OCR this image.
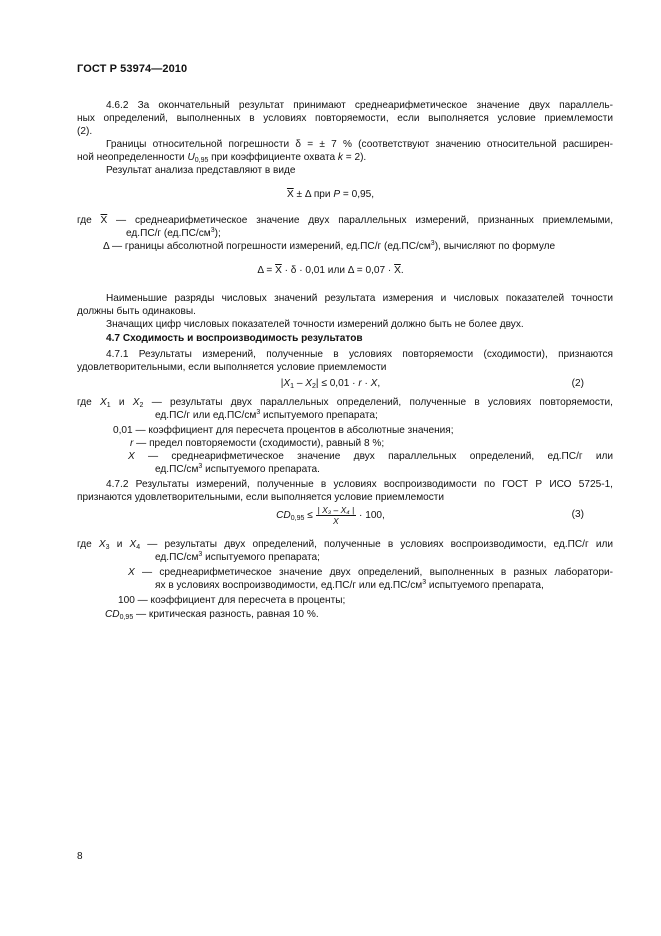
ГОСТ Р 53974—2010
4.6.2 За окончательный результат принимают среднеарифметическое значение двух параллель-
ных определений, выполненных в условиях повторяемости, если выполняется условие приемлемости
(2).
Границы относительной погрешности δ = ± 7 % (соответствуют значению относительной расширен-
ной неопределенности $U_{0,95}$ при коэффициенте охвата k = 2).
Результат анализа представляют в виде
$\overline{X} \pm \Delta$ при P = 0,95,
где $\overline{X}$ — среднеарифметическое значение двух параллельных измерений, признанных приемлемыми,
ед.ПС/г $(ед.ПС/см^3)$;
Δ — границы абсолютной погрешности измерений, ед.ПС/г $(ед.ПС/см^3)$, вычисляют по формуле
$\Delta = \overline{X} \cdot \delta \cdot 0,01$ или $\Delta = 0,07 \cdot \overline{X}$.
Наименьшие разряды числовых значений результата измерения и числовых показателей точности
должны быть одинаковы.
Значащих цифр числовых показателей точности измерений должно быть не более двух.
4.7 Сходимость и воспроизводимость результатов
4.7.1 Результаты измерений, полученные в условиях повторяемости (сходимости), признаются
удовлетворительными, если выполняется условие приемлемости
$|X_1 - X_2| \le 0,01 \cdot r \cdot X$,	(2)
где $X_1$ и $X_2$ — результаты двух параллельных определений, полученные в условиях повторяемости,
ед.ПС/г или $ед.ПС/см^3$ испытуемого препарата;
0,01 — коэффициент для пересчета процентов в абсолютные значения;
r — предел повторяемости (сходимости), равный 8 %;
X — среднеарифметическое значение двух параллельных определений, ед.ПС/г или
$ед.ПС/см^3$ испытуемого препарата.
4.7.2 Результаты измерений, полученные в условиях воспроизводимости по ГОСТ Р ИСО 5725-1,
признаются удовлетворительными, если выполняется условие приемлемости
$CD_{0,95} \le \frac{\text{| X₃ – X₄ |}}{X} \cdot 100$,	(3)
где $X_3$ и $X_4$ — результаты двух определений, полученные в условиях воспроизводимости, ед.ПС/г или
$ед.ПС/см^3$ испытуемого препарата;
X — среднеарифметическое значение двух определений, выполненных в разных лаборатори-
ях в условиях воспроизводимости, ед.ПС/г или $ед.ПС/см^3$ испытуемого препарата,
100 — коэффициент для пересчета в проценты;
$CD_{0,95}$ — критическая разность, равная 10 %.
8
